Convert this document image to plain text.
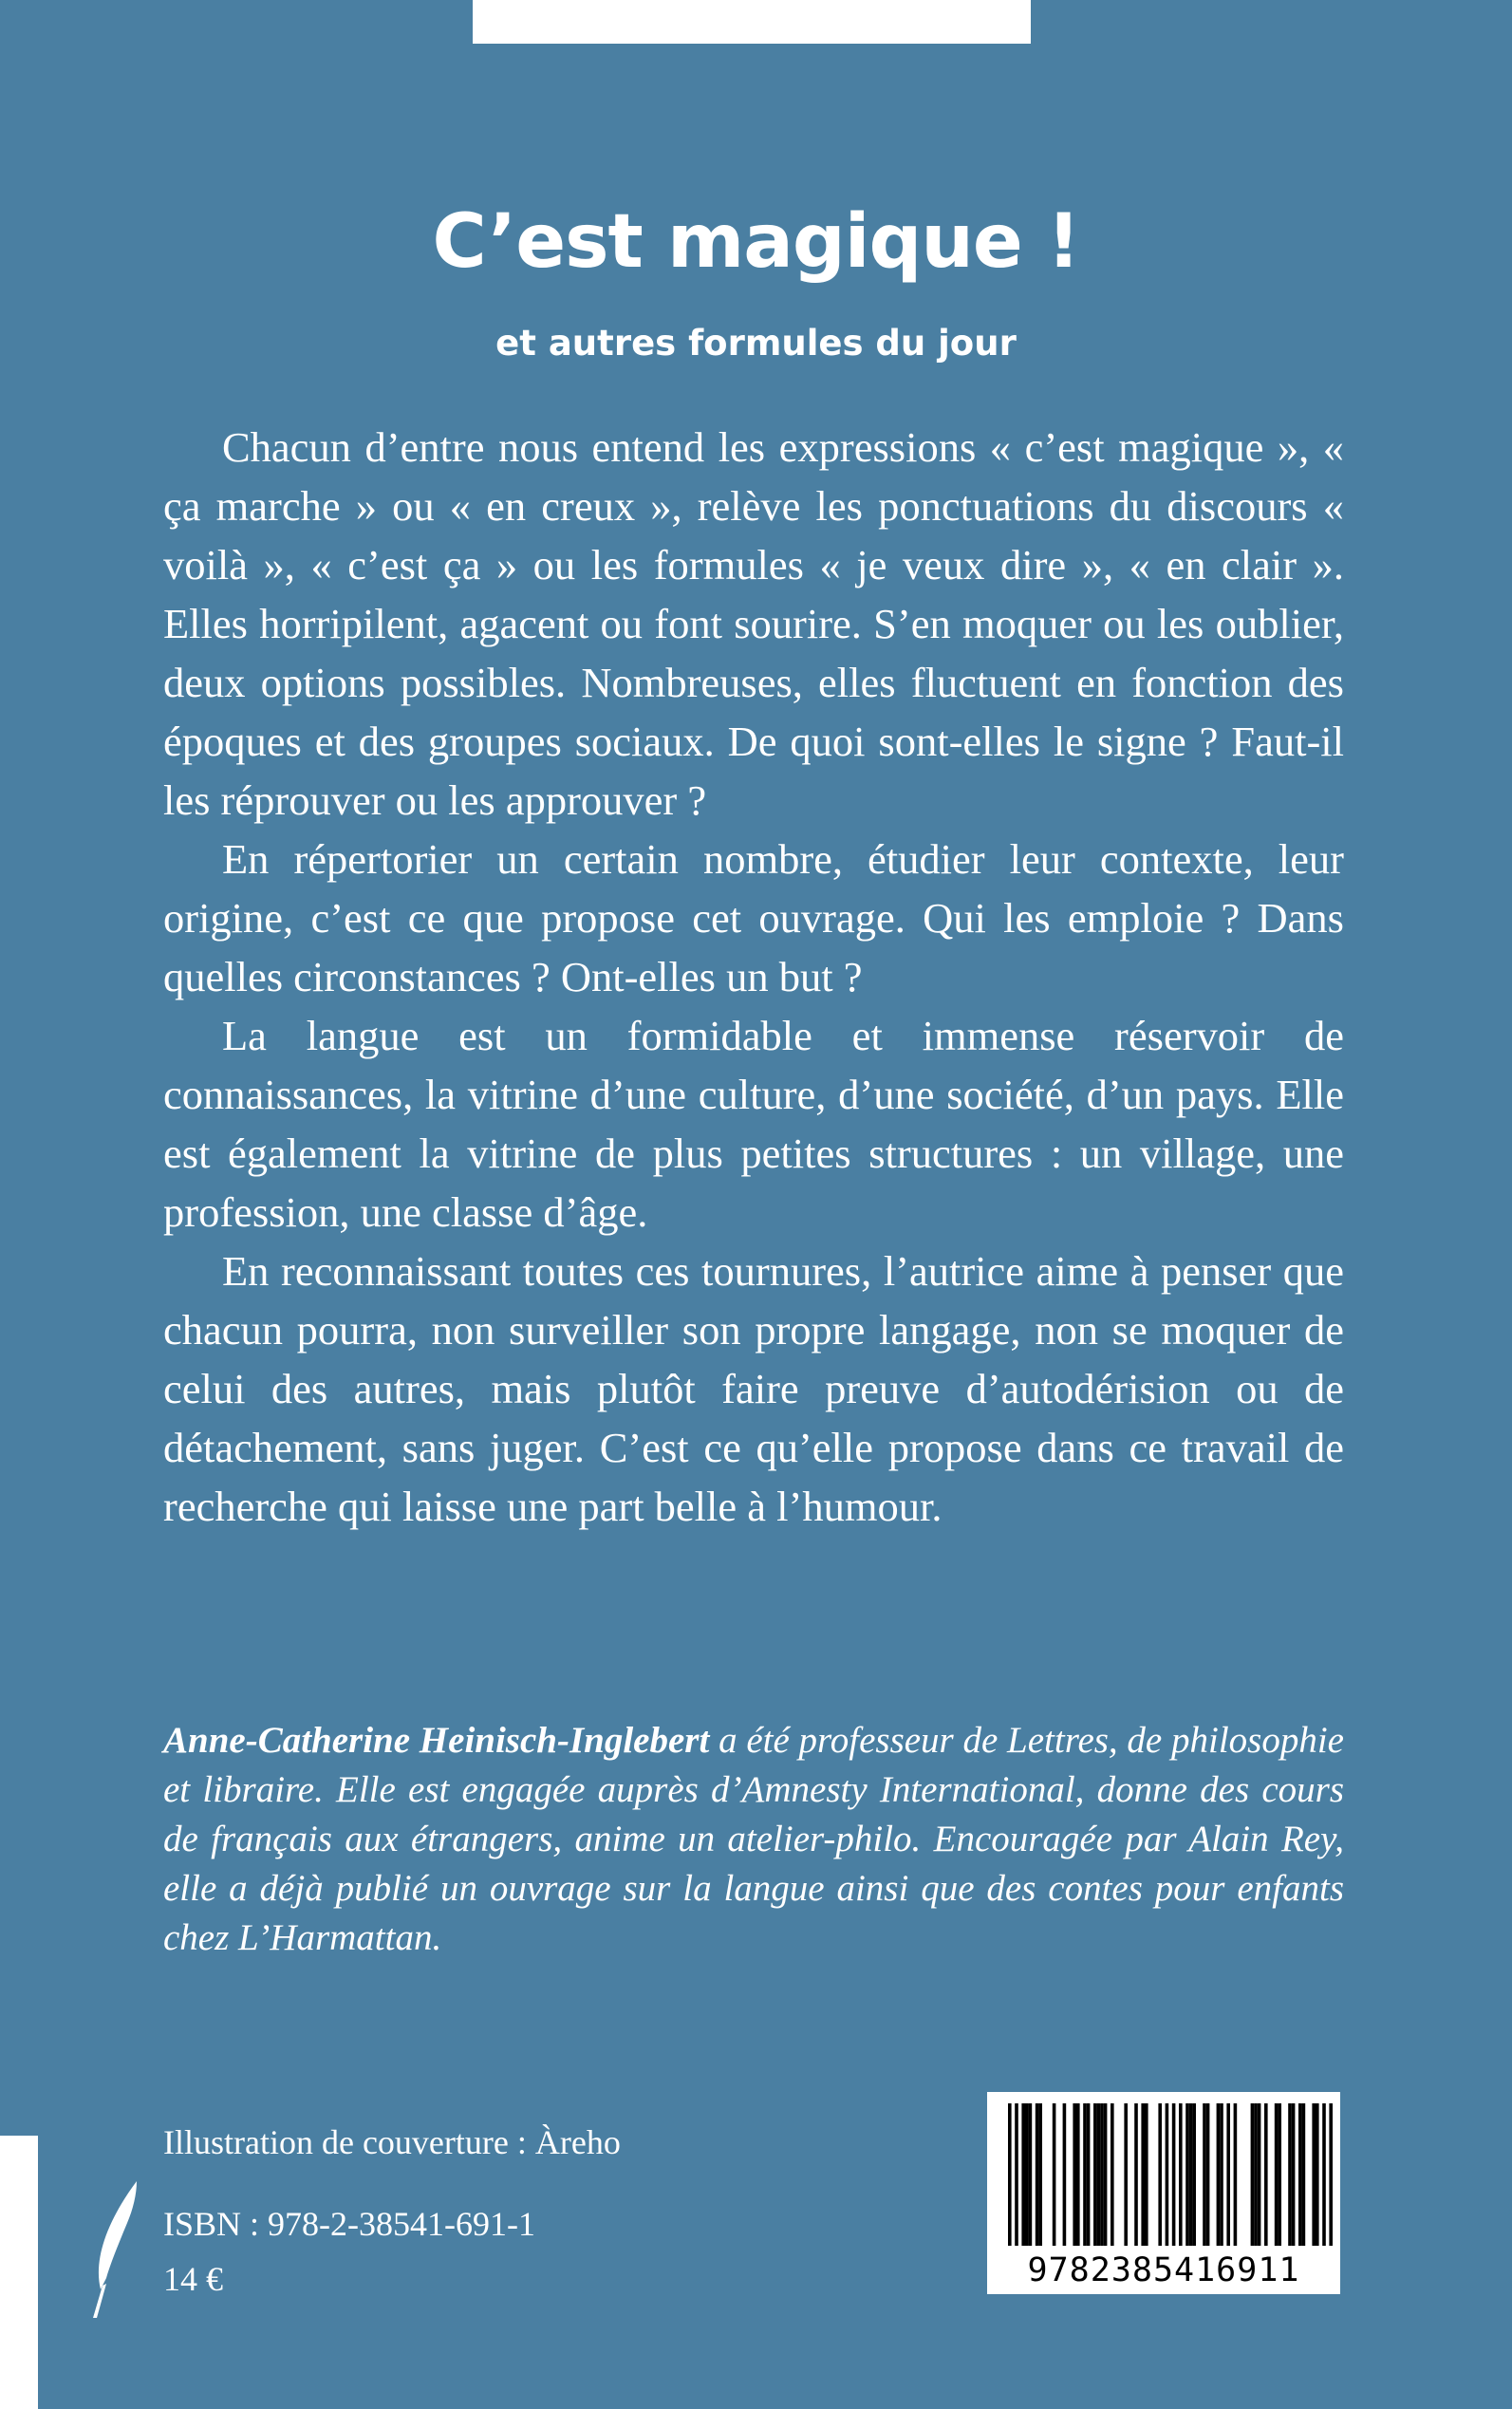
C’est magique !
et autres formules du jour

Chacun d’entre nous entend les expressions « c’est magique », « ça marche » ou « en creux », relève les ponctuations du discours « voilà », « c’est ça » ou les formules « je veux dire », « en clair ». Elles horripilent, agacent ou font sourire. S’en moquer ou les oublier, deux options possibles. Nombreuses, elles fluctuent en fonction des époques et des groupes sociaux. De quoi sont-elles le signe ? Faut-il les réprouver ou les approuver ?

En répertorier un certain nombre, étudier leur contexte, leur origine, c’est ce que propose cet ouvrage. Qui les emploie ? Dans quelles circonstances ? Ont-elles un but ?

La langue est un formidable et immense réservoir de connaissances, la vitrine d’une culture, d’une société, d’un pays. Elle est également la vitrine de plus petites structures : un village, une profession, une classe d’âge.

En reconnaissant toutes ces tournures, l’autrice aime à penser que chacun pourra, non surveiller son propre langage, non se moquer de celui des autres, mais plutôt faire preuve d’autodérision ou de détachement, sans juger. C’est ce qu’elle propose dans ce travail de recherche qui laisse une part belle à l’humour.

Anne-Catherine Heinisch-Inglebert a été professeur de Lettres, de philosophie et libraire. Elle est engagée auprès d’Amnesty International, donne des cours de français aux étrangers, anime un atelier-philo. Encouragée par Alain Rey, elle a déjà publié un ouvrage sur la langue ainsi que des contes pour enfants chez L’Harmattan.

Illustration de couverture : Àreho

ISBN : 978-2-38541-691-1

14 €	9782385416911
